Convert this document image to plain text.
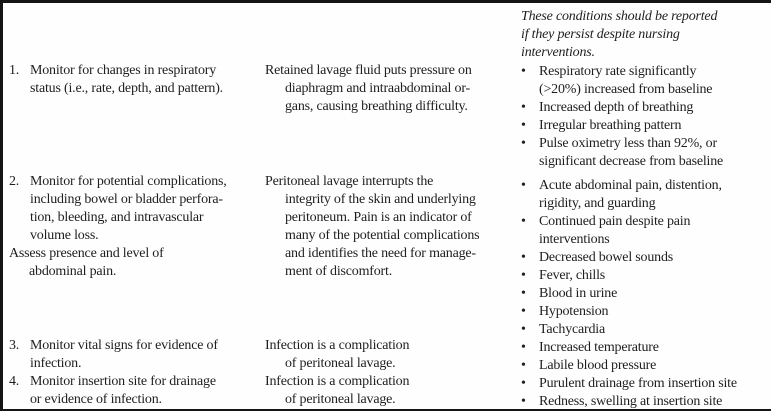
These conditions should be reported
if they persist despite nursing
interventions.
1. Monitor for changes in respiratory
status (i.e., rate, depth, and pattern).
Retained lavage fluid puts pressure on
diaphragm and intraabdominal or-
gans, causing breathing difficulty.
• Respiratory rate significantly
(>20%) increased from baseline
• Increased depth of breathing
• Irregular breathing pattern
• Pulse oximetry less than 92%, or
significant decrease from baseline
2. Monitor for potential complications,
including bowel or bladder perfora-
tion, bleeding, and intravascular
volume loss.
Assess presence and level of
abdominal pain.
Peritoneal lavage interrupts the
integrity of the skin and underlying
peritoneum. Pain is an indicator of
many of the potential complications
and identifies the need for manage-
ment of discomfort.
• Acute abdominal pain, distention,
rigidity, and guarding
• Continued pain despite pain
interventions
• Decreased bowel sounds
• Fever, chills
• Blood in urine
• Hypotension
• Tachycardia
3. Monitor vital signs for evidence of
infection.
4. Monitor insertion site for drainage
or evidence of infection.
Infection is a complication
of peritoneal lavage.
Infection is a complication
of peritoneal lavage.
• Increased temperature
• Labile blood pressure
• Purulent drainage from insertion site
• Redness, swelling at insertion site
